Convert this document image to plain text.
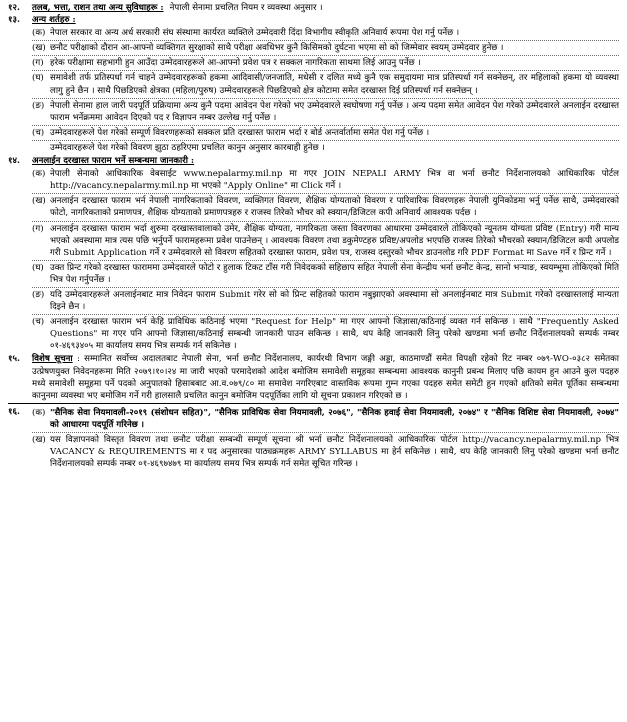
१२.	तलब, भत्ता, राशन तथा अन्य सुविधाहरू : नेपाली सेनामा प्रचलित नियम र व्यवस्था अनुसार ।
१३.	अन्य शर्तहरु :
(क) नेपाल सरकार वा अन्य अर्ध सरकारी संघ संस्थामा कार्यरत व्यक्तिले उम्मेदवारी दिंदा विभागीय स्वीकृति अनिवार्य रूपमा पेश गर्नु पर्नेछ ।
(ख) छनौट परीक्षाको दौरान आ-आफ्नो व्यक्तिगत सुरक्षाको साथै परीक्षा अवधिभर कुनै किसिमको दुर्घटना भएमा सो को जिम्मेवार स्वयम् उम्मेदवार हुनेछ ।
(ग) हरेक परीक्षामा सहभागी हुन आउँदा उम्मेदवारहरूले आ-आफ्नो प्रवेश पत्र र सक्कल नागरिकता साथमा लिई आउनु पर्नेछ ।
(घ) समावेशी तर्फ प्रतिस्पर्धा गर्न चाहने उम्मेदवारहरूको हकमा आदिवासी/जनजाति, मधेसी र दलित मध्ये कुनै एक समुदायमा मात्र प्रतिस्पर्धा गर्न सक्नेछन्, तर महिलाको हकमा यो व्यवस्था लागु हुने छैन । साथै पिछडिएको क्षेत्रका (महिला/पुरुष) उम्मेदवारहरूले पिछडिएको क्षेत्र कोटामा समेत दरखास्त दिई प्रतिस्पर्धा गर्न सक्नेछन् ।
(ङ) नेपाली सेनामा हाल जारी पदपूर्ति प्रक्रियामा अन्य कुनै पदमा आवेदन पेश गरेको भए उम्मेदवारले स्वघोषणा गर्नु पर्नेछ । अन्य पदमा समेत आवेदन पेश गरेको उम्मेदवारले अनलाईन दरखास्त फाराम भर्नेक्रममा आवेदन दिएको पद र विज्ञापन नम्बर उल्लेख गर्नु पर्नेछ ।
(च) उम्मेदवारहरूले पेश गरेको सम्पूर्ण विवरणहरूको सक्कल प्रति दरखास्त फाराम भर्दा र बोर्ड अन्तर्वार्तामा समेत पेश गर्नु पर्नेछ ।
उम्मेदवारहरूले पेश गरेको विवरण झुठा ठहरिएमा प्रचलित कानुन अनुसार कारबाही हुनेछ ।
१४.	अनलाईन दरखास्त फाराम भर्ने सम्बन्धमा जानकारी :
(क) नेपाली सेनाको आधिकारिक वेबसाईट www.nepalarmy.mil.np मा गएर JOIN NEPALI ARMY भित्र वा भर्ना छनौट निर्देशनालयको आधिकारिक पोर्टल http://vacancy.nepalarmy.mil.np मा भएको "Apply Online" मा Click गर्ने ।
(ख) अनलाईन दरखास्त फाराम भर्न नेपाली नागरिकताको विवरण, व्यक्तिगत विवरण, शैक्षिक योग्यताको विवरण र पारिवारिक विवरणहरू नेपाली युनिकोडमा भर्नु पर्नेछ साथै, उम्मेदवारको फोटो, नागरिकताको प्रमाणपत्र, शैक्षिक योग्यताको प्रमाणपत्रहरु र राजस्व तिरेको भौचर को स्क्यान/डिजिटल कपी अनिवार्य आवश्यक पर्दछ ।
(ग) अनलाईन दरखास्त फाराम भर्दा शुरुमा दरखास्तवालाको उमेर, शैक्षिक योग्यता, नागरिकता जस्ता विवरणका आधारमा उम्मेदवारले तोकिएको न्यूनतम योग्यता प्रविष्ट (Entry) गरी मान्य भएको अवस्थामा मात्र त्यस पछि भर्नुपर्ने फारामहरूमा प्रवेश पाउनेछन् । आवश्यक विवरण तथा डकुमेण्टहरु प्रविष्ट/अपलोड भएपछि राजस्व तिरेको भौचरको स्क्यान/डिजिटल कपी अपलोड गरी Submit Application गर्ने र उम्मेदवारले सो विवरण सहितको दरखास्त फाराम, प्रवेश पत्र, राजस्व दस्तुरको भौचर डाउनलोड गरि PDF Format मा Save गर्ने र प्रिन्ट गर्ने ।
(घ) उक्त प्रिन्ट गरेको दरखास्त फाराममा उम्मेदवारले फोटो र हुलाक टिकट टाँस गरी निवेदकको सहिछाप सहित नेपाली सेना केन्द्रीय भर्ना छनौट केन्द्र, सानो भऱ्याङ, स्वयम्भूमा तोकिएको मिति भित्र पेश गर्नुपर्नेछ ।
(ङ) यदि उम्मेदवारहरूले अनलाईनबाट मात्र निवेदन फाराम Submit गरेर सो को प्रिन्ट सहितको फाराम नबुझाएको अवस्थामा सो अनलाईनबाट मात्र Submit गरेको दरखास्तलाई मान्यता दिइने छैन ।
(च) अनलाईन दरखास्त फाराम भर्न केहि प्राविधिक कठिनाई भएमा "Request for Help" मा गएर आफ्नो जिज्ञासा/कठिनाई व्यक्त गर्न सकिन्छ । साथै "Frequently Asked Questions" मा गएर पनि आफ्नो जिज्ञासा/कठिनाई सम्बन्धी जानकारी पाउन सकिन्छ । साथै, थप केहि जानकारी लिनु परेको खण्डमा भर्ना छनौट निर्देशनालयको सम्पर्क नम्बर ०१-४६९३४०५ मा कार्यालय समय भित्र सम्पर्क गर्न सकिनेछ ।
१५.	विशेष सूचना : सम्मानित सर्वोच्च अदालतबाट नेपाली सेना, भर्ना छनौट निर्देशनालय, कार्यरथी विभाग जङ्गी अड्डा, काठमाण्डौं समेत विपक्षी रहेको रिट नम्बर ०७९-WO-०३८२ समेतका उत्प्रेषणयुक्त निवेदनहरूमा मिति २०७९।१०।२४ मा जारी भएको परमादेशको आदेश बमोजिम समावेशी समूहका सम्बन्धमा आवश्यक कानुनी प्रबन्ध मिलाए पछि कायम हुन आउने कुल पदहरु मध्ये समावेशी समूहमा पर्ने पदको अनुपातको हिसाबबाट आ.व.०७९/८० मा समावेश नगरिएबाट वास्तविक रूपमा गुम्न गएका पदहरु समेत समेटी हुन गएको क्षतिको समेत पूर्तिका सम्बन्धमा कानुनमा व्यवस्था भए बमोजिम गर्ने गरी हालसालै प्रचलित कानुन बमोजिम पदपूर्तिका लागि यो सूचना प्रकाशन गरिएको छ ।
१६.	(क) "सैनिक सेवा नियमावली-२०१९ (संशोधन सहित)", "सैनिक प्राविधिक सेवा नियमावली, २०७६", "सैनिक हवाई सेवा नियमावली, २०७४" र "सैनिक विशिष्ट सेवा नियमावली, २०७४" को आधारमा पदपूर्ति गरिनेछ ।
(ख) यस विज्ञापनको विस्तृत विवरण तथा छनौट परीक्षा सम्बन्धी सम्पूर्ण सूचना श्री भर्ना छनौट निर्देशनालयको आधिकारिक पोर्टल http://vacancy.nepalarmy.mil.np भित्र VACANCY & REQUIREMENTS मा र पद अनुसारका पाठ्यक्रमहरू ARMY SYLLABUS मा हेर्न सकिनेछ । साथै, थप केहि जानकारी लिनु परेको खण्डमा भर्ना छनौट निर्देशनालयको सम्पर्क नम्बर ०१-४६९७४७९ मा कार्यालय समय भित्र सम्पर्क गर्न समेत सूचित गरिन्छ ।
